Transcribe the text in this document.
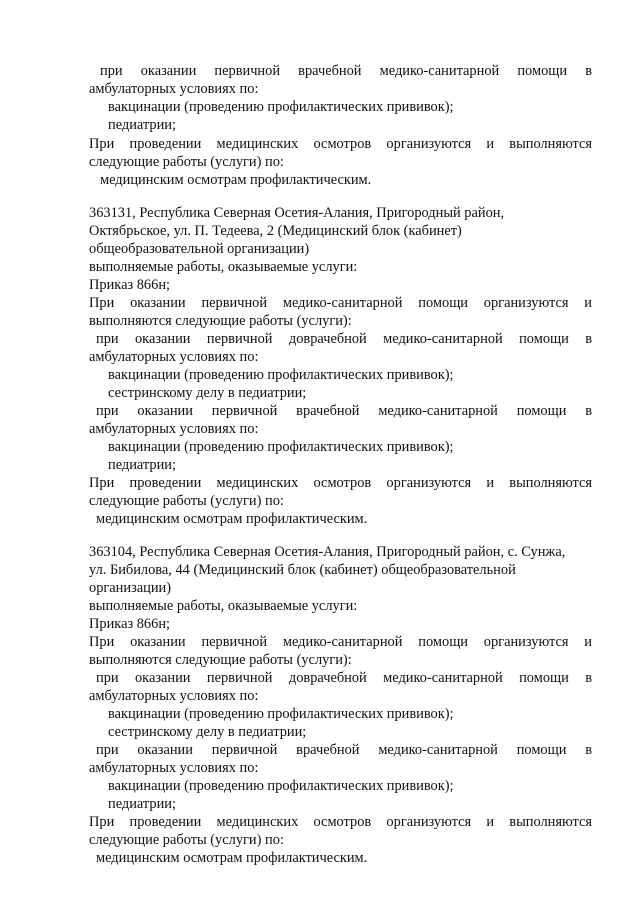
при оказании первичной врачебной медико-санитарной помощи в
амбулаторных условиях по:
вакцинации (проведению профилактических прививок);
педиатрии;
При проведении медицинских осмотров организуются и выполняются
следующие работы (услуги) по:
медицинским осмотрам профилактическим.
363131, Республика Северная Осетия-Алания, Пригородный район,
Октябрьское, ул. П. Тедеева, 2 (Медицинский блок (кабинет)
общеобразовательной организации)
выполняемые работы, оказываемые услуги:
Приказ 866н;
При оказании первичной медико-санитарной помощи организуются и
выполняются следующие работы (услуги):
при оказании первичной доврачебной медико-санитарной помощи в
амбулаторных условиях по:
вакцинации (проведению профилактических прививок);
сестринскому делу в педиатрии;
при оказании первичной врачебной медико-санитарной помощи в
амбулаторных условиях по:
вакцинации (проведению профилактических прививок);
педиатрии;
При проведении медицинских осмотров организуются и выполняются
следующие работы (услуги) по:
медицинским осмотрам профилактическим.
363104, Республика Северная Осетия-Алания, Пригородный район, с. Сунжа,
ул. Бибилова, 44 (Медицинский блок (кабинет) общеобразовательной
организации)
выполняемые работы, оказываемые услуги:
Приказ 866н;
При оказании первичной медико-санитарной помощи организуются и
выполняются следующие работы (услуги):
при оказании первичной доврачебной медико-санитарной помощи в
амбулаторных условиях по:
вакцинации (проведению профилактических прививок);
сестринскому делу в педиатрии;
при оказании первичной врачебной медико-санитарной помощи в
амбулаторных условиях по:
вакцинации (проведению профилактических прививок);
педиатрии;
При проведении медицинских осмотров организуются и выполняются
следующие работы (услуги) по:
медицинским осмотрам профилактическим.
